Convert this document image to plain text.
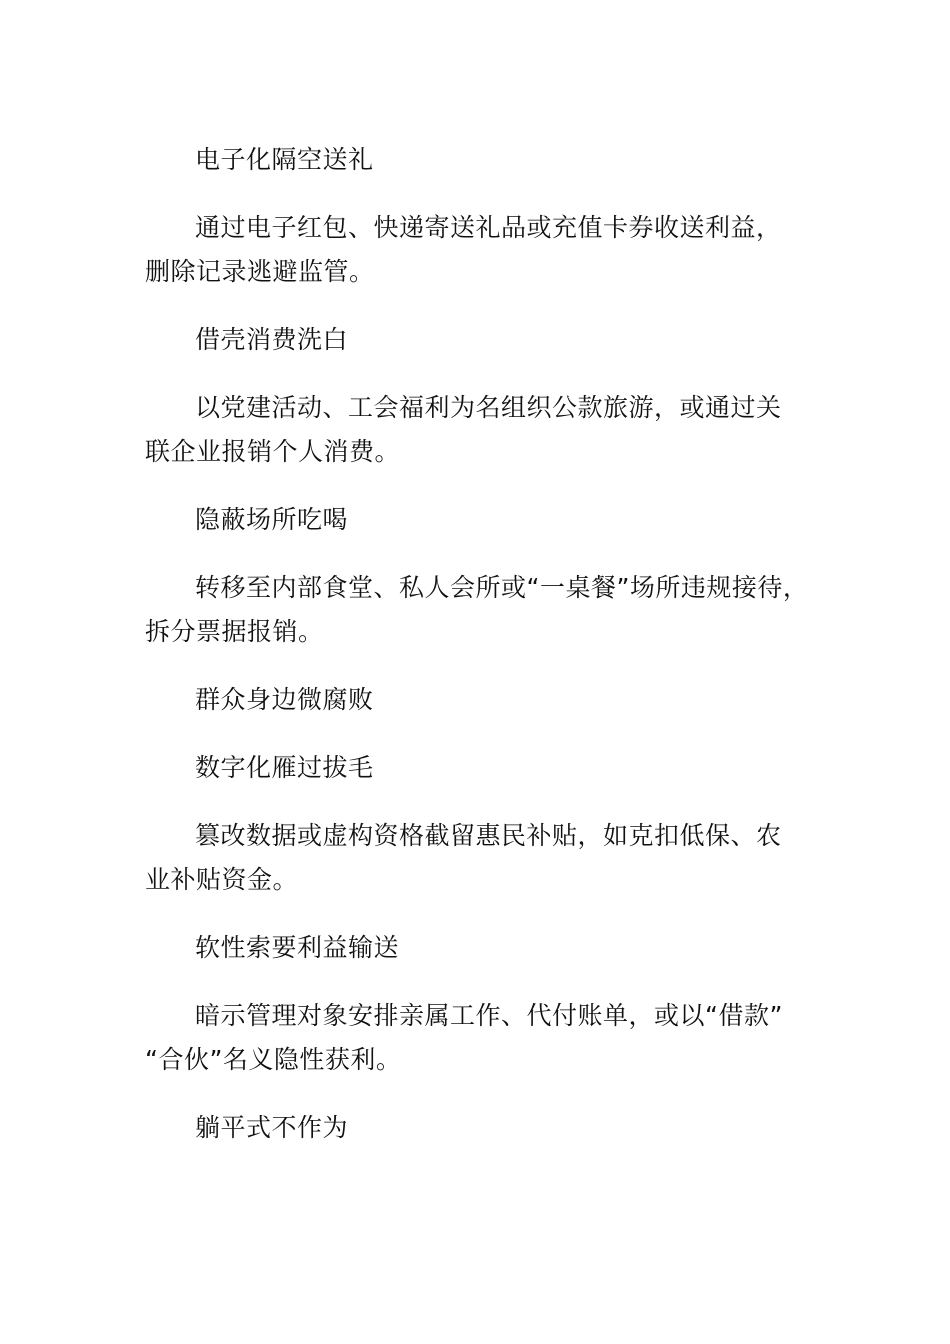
电子化隔空送礼

通过电子红包、快递寄送礼品或充值卡券收送利益，
删除记录逃避监管。

借壳消费洗白

以党建活动、工会福利为名组织公款旅游，或通过关
联企业报销个人消费。

隐蔽场所吃喝

转移至内部食堂、私人会所或“一桌餐”场所违规接待，
拆分票据报销。

群众身边微腐败

数字化雁过拔毛

篡改数据或虚构资格截留惠民补贴，如克扣低保、农
业补贴资金。

软性索要利益输送

暗示管理对象安排亲属工作、代付账单，或以“借款”
“合伙”名义隐性获利。

躺平式不作为
